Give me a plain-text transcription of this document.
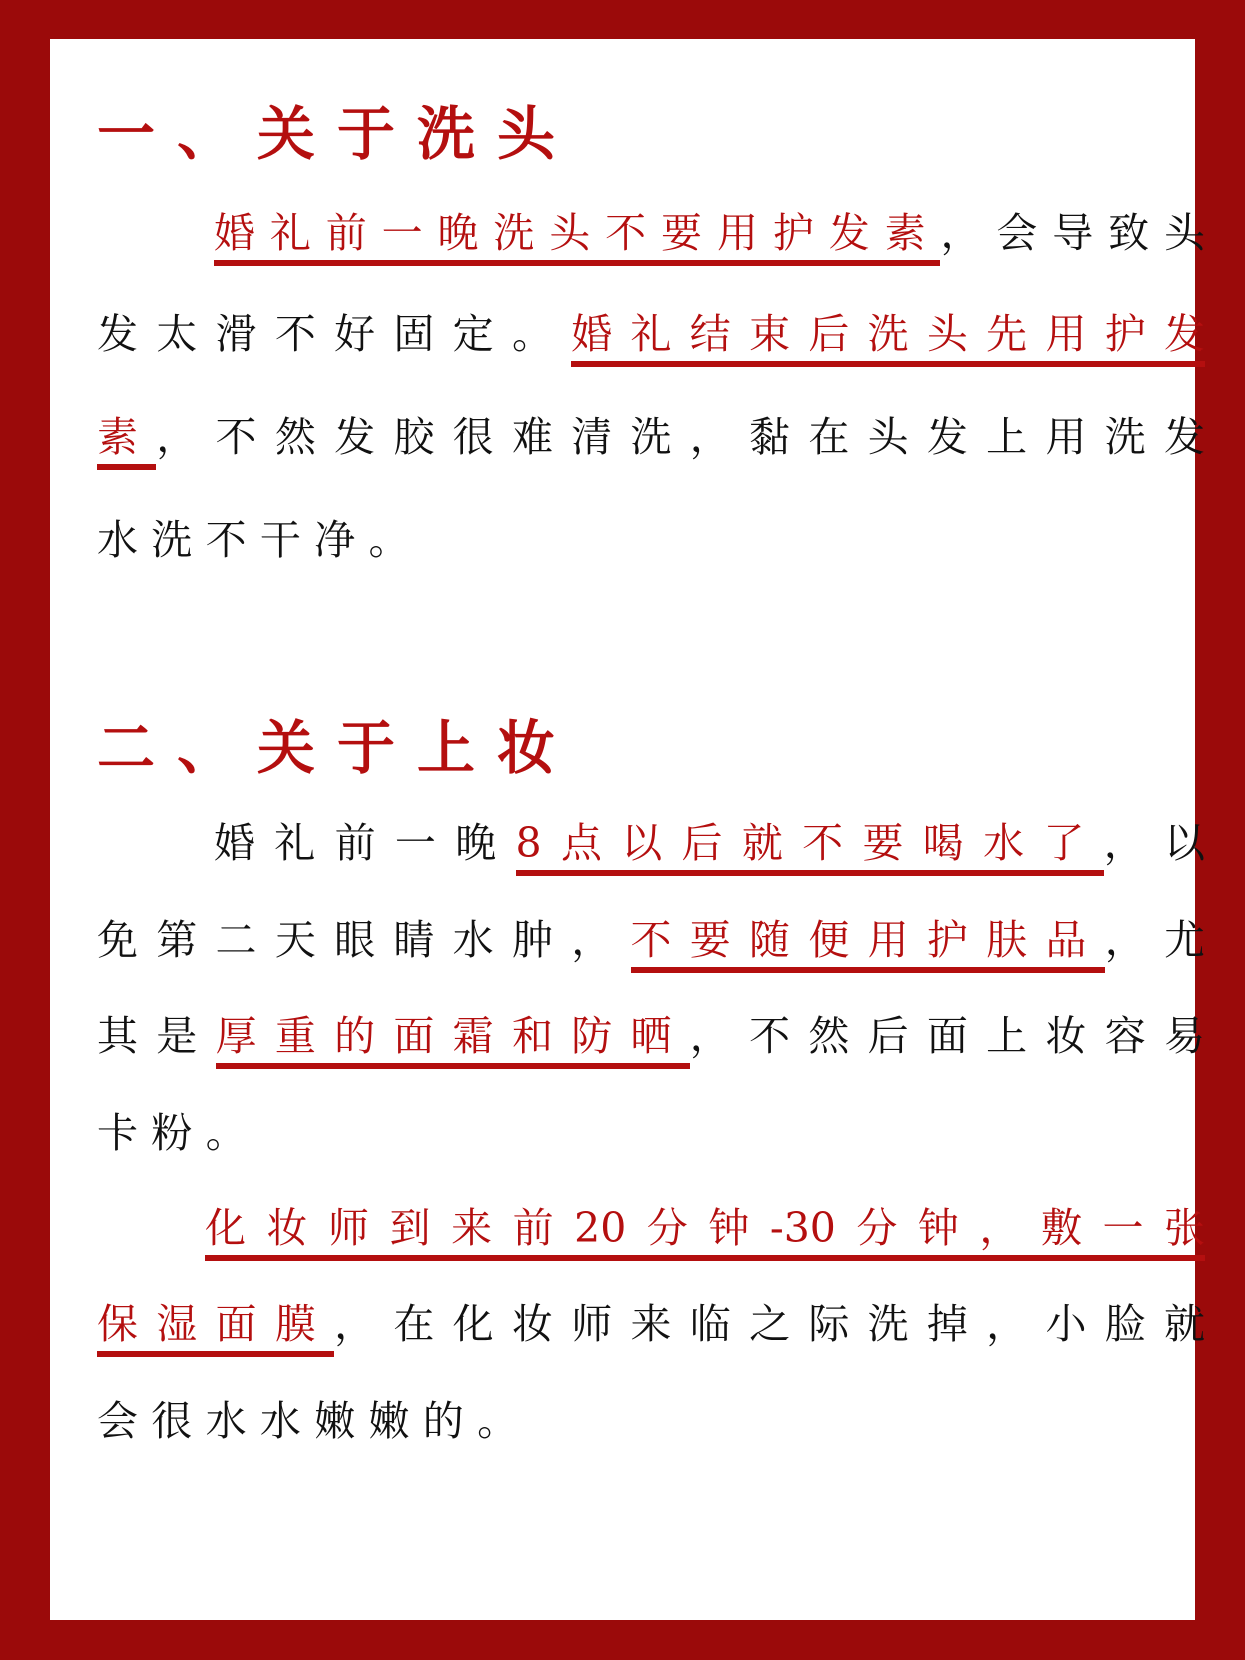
一、关于洗头

婚礼前一晚洗头不要用护发素，会导致头

发太滑不好固定。婚礼结束后洗头先用护发

素，不然发胶很难清洗，黏在头发上用洗发

水洗不干净。

二、关于上妆

婚礼前一晚8点以后就不要喝水了，以

免第二天眼睛水肿，不要随便用护肤品，尤

其是厚重的面霜和防晒，不然后面上妆容易

卡粉。

化妆师到来前20分钟-30分钟，敷一张

保湿面膜，在化妆师来临之际洗掉，小脸就

会很水水嫩嫩的。
